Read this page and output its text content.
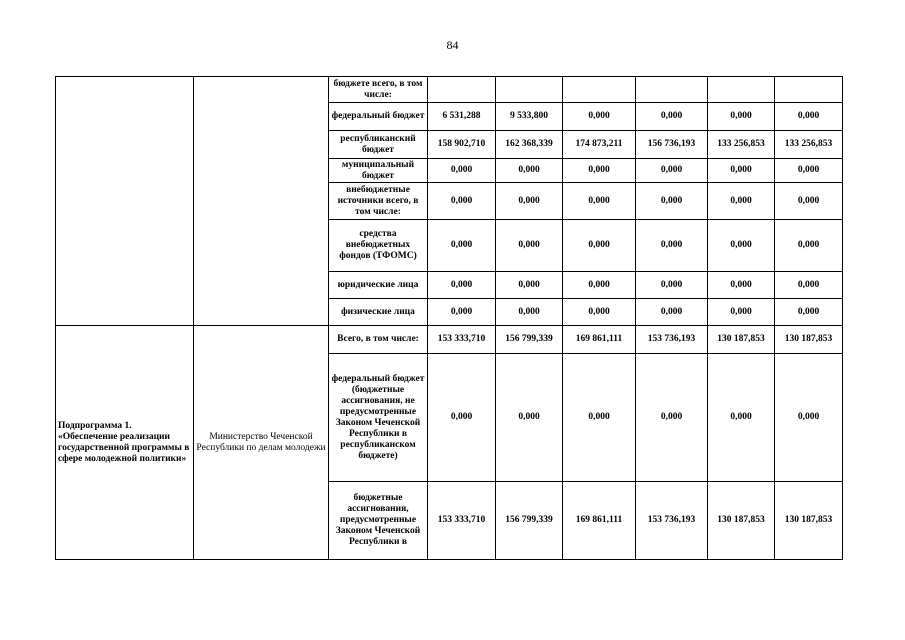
84
		бюджете всего, в том числе:						
		федеральный бюджет	6 531,288	9 533,800	0,000	0,000	0,000	0,000
		республиканский бюджет	158 902,710	162 368,339	174 873,211	156 736,193	133 256,853	133 256,853
		муниципальный бюджет	0,000	0,000	0,000	0,000	0,000	0,000
		внебюджетные источники всего, в том числе:	0,000	0,000	0,000	0,000	0,000	0,000
		средства внебюджетных фондов (ТФОМС)	0,000	0,000	0,000	0,000	0,000	0,000
		юридические лица	0,000	0,000	0,000	0,000	0,000	0,000
		физические лица	0,000	0,000	0,000	0,000	0,000	0,000
Подпрограмма 1. «Обеспечение реализации государственной программы в сфере молодежной политики»	Министерство Чеченской Республики по делам молодежи	Всего, в том числе:	153 333,710	156 799,339	169 861,111	153 736,193	130 187,853	130 187,853
		федеральный бюджет (бюджетные ассигнования, не предусмотренные Законом Чеченской Республики в республиканском бюджете)	0,000	0,000	0,000	0,000	0,000	0,000
		бюджетные ассигнования, предусмотренные Законом Чеченской Республики в	153 333,710	156 799,339	169 861,111	153 736,193	130 187,853	130 187,853
